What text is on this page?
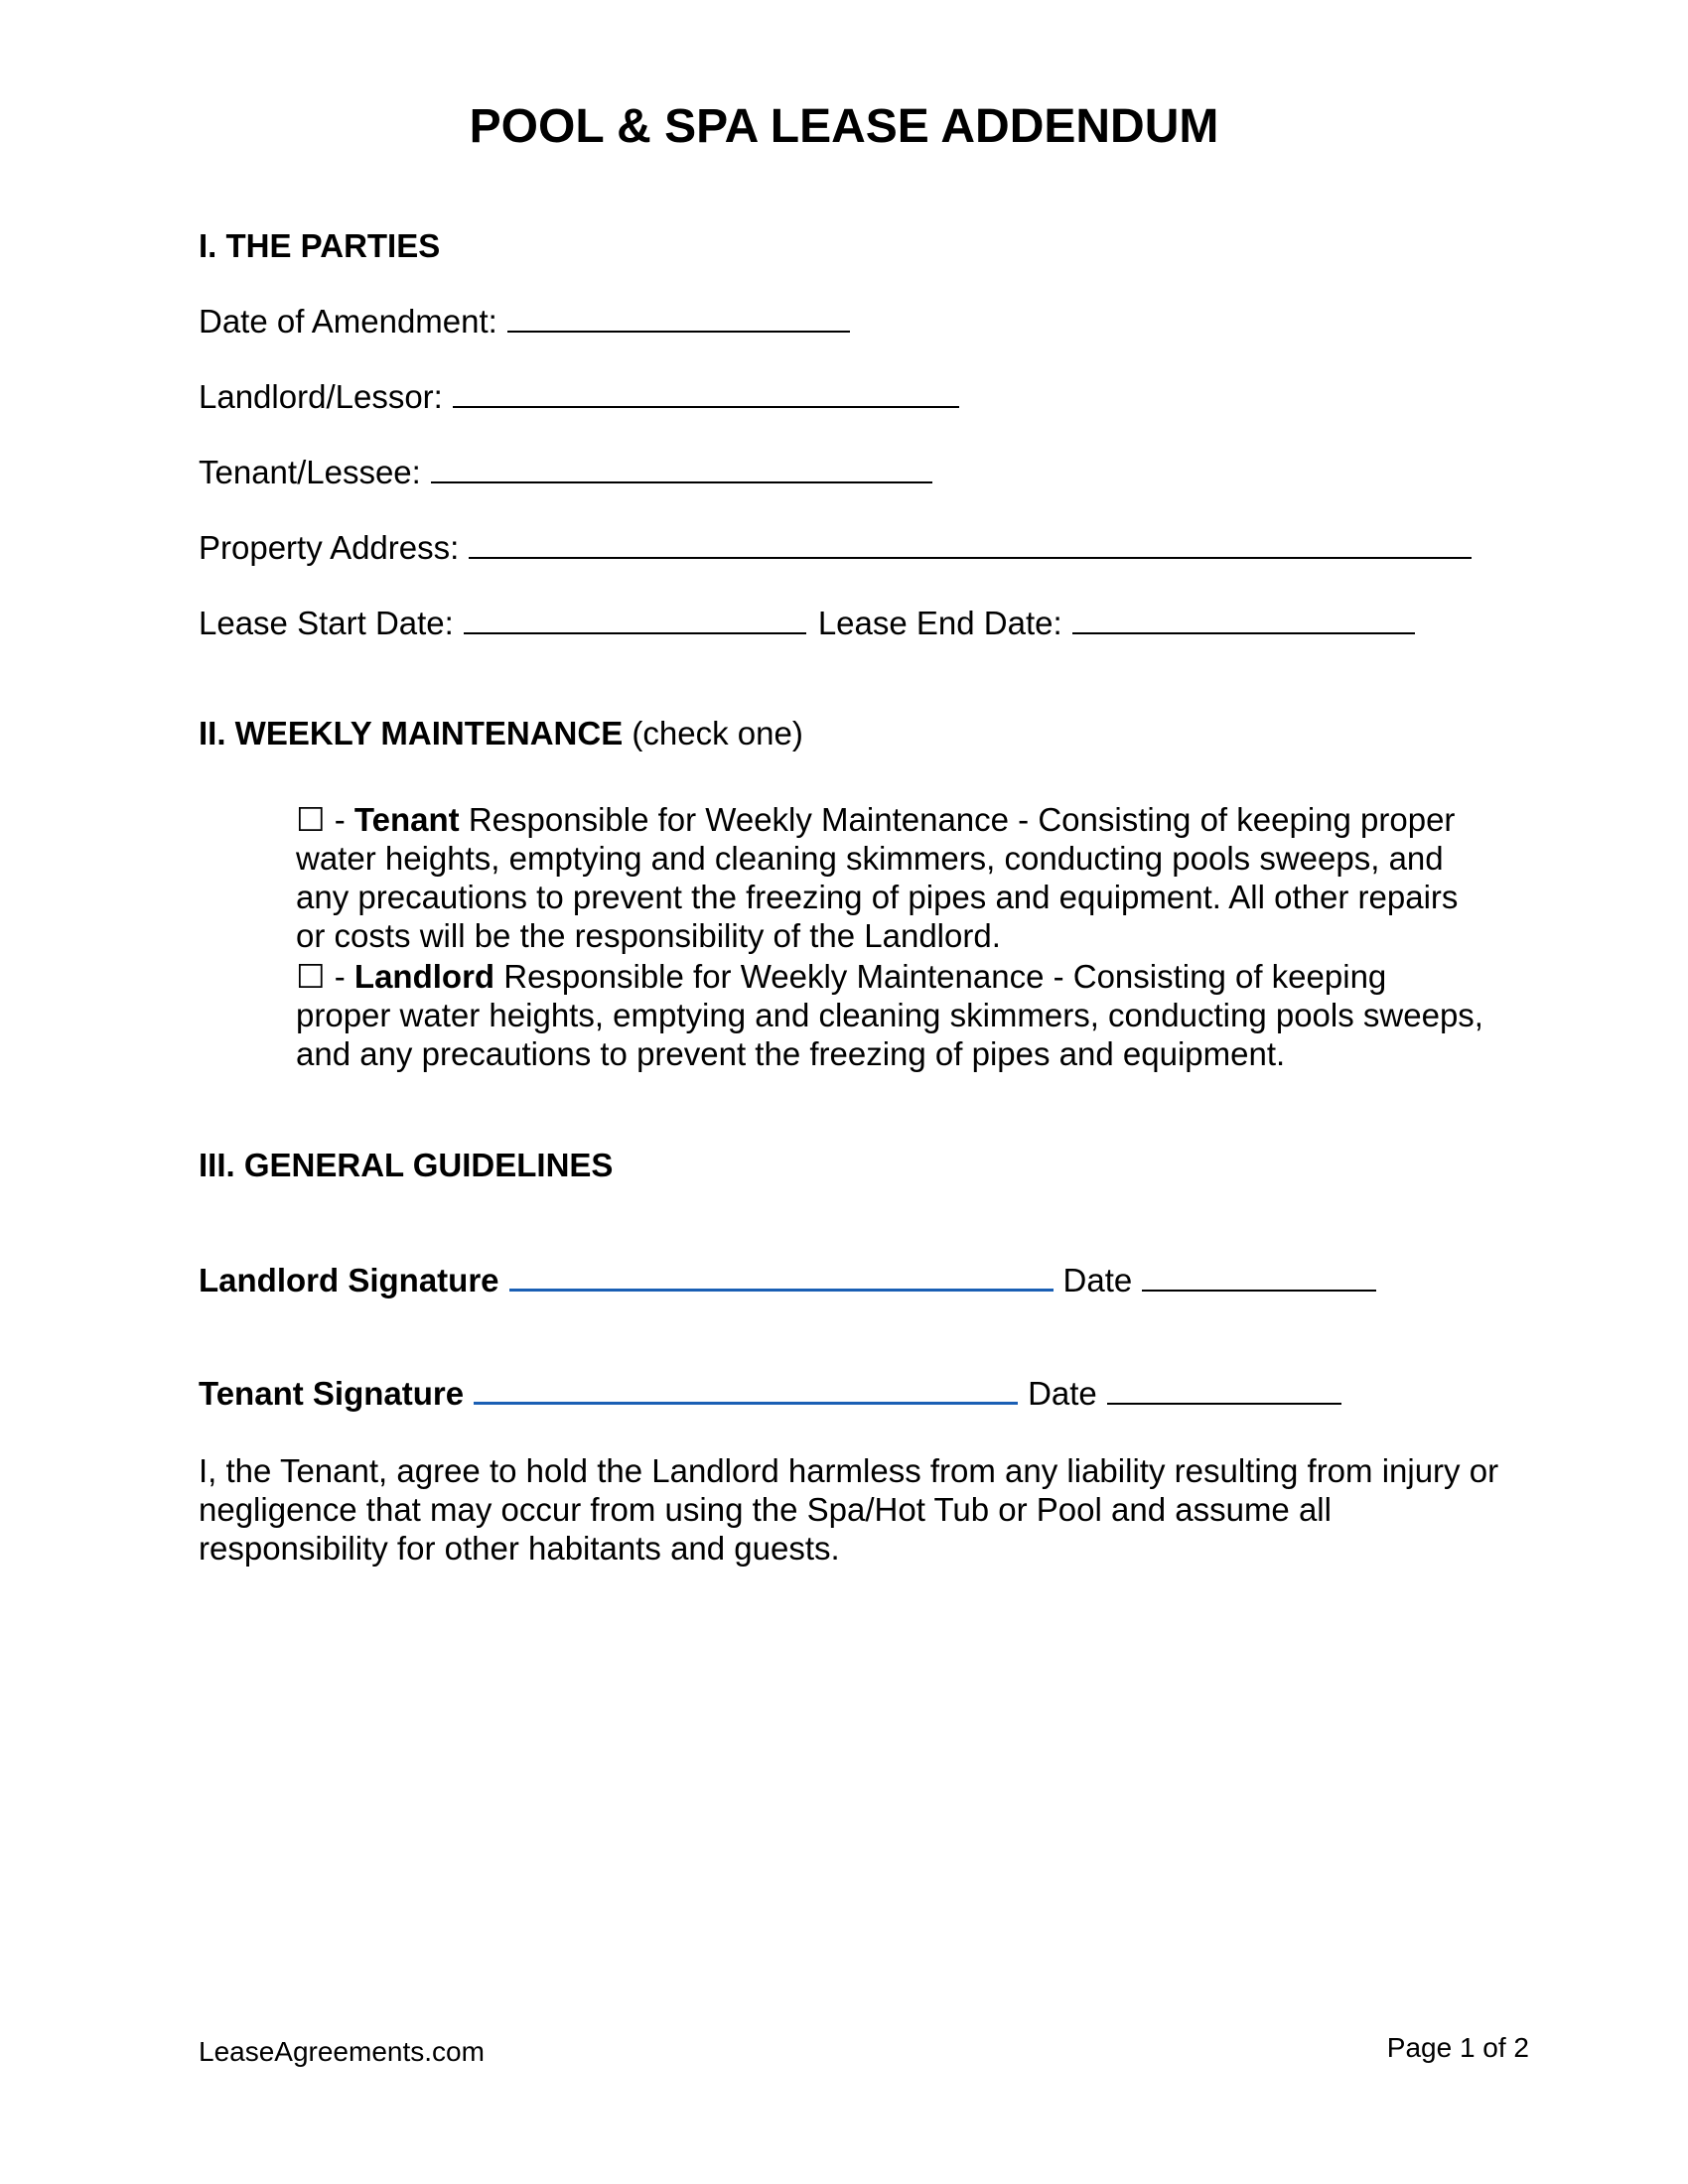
POOL & SPA LEASE ADDENDUM
I. THE PARTIES
Date of Amendment:
Landlord/Lessor:
Tenant/Lessee:
Property Address:
Lease Start Date:	Lease End Date:
II. WEEKLY MAINTENANCE (check one)
☐ - Tenant Responsible for Weekly Maintenance - Consisting of keeping proper water heights, emptying and cleaning skimmers, conducting pools sweeps, and any precautions to prevent the freezing of pipes and equipment. All other repairs or costs will be the responsibility of the Landlord.
☐ - Landlord Responsible for Weekly Maintenance - Consisting of keeping proper water heights, emptying and cleaning skimmers, conducting pools sweeps, and any precautions to prevent the freezing of pipes and equipment.
III. GENERAL GUIDELINES
Landlord Signature	Date
Tenant Signature	Date
I, the Tenant, agree to hold the Landlord harmless from any liability resulting from injury or negligence that may occur from using the Spa/Hot Tub or Pool and assume all responsibility for other habitants and guests.
LeaseAgreements.com	Page 1 of 2
